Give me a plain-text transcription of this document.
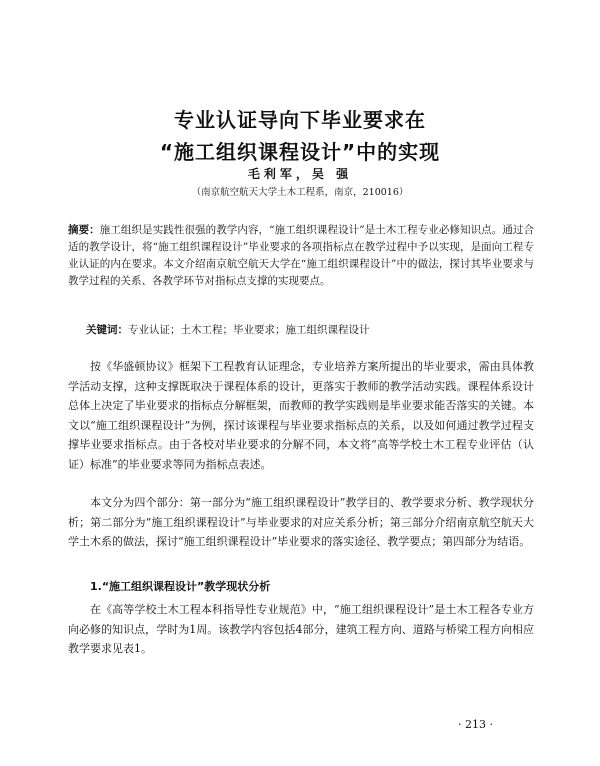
专业认证导向下毕业要求在
“施工组织课程设计”中的实现
毛利军，吴 强
（南京航空航天大学土木工程系，南京，210016）

摘要：施工组织是实践性很强的教学内容，“施工组织课程设计”是土木工程专业必修知识点。通过合适的教学设计，将“施工组织课程设计”毕业要求的各项指标点在教学过程中予以实现，是面向工程专业认证的内在要求。本文介绍南京航空航天大学在“施工组织课程设计”中的做法，探讨其毕业要求与教学过程的关系、各教学环节对指标点支撑的实现要点。

关键词：专业认证；土木工程；毕业要求；施工组织课程设计

按《华盛顿协议》框架下工程教育认证理念，专业培养方案所提出的毕业要求，需由具体教学活动支撑，这种支撑既取决于课程体系的设计，更落实于教师的教学活动实践。课程体系设计总体上决定了毕业要求的指标点分解框架，而教师的教学实践则是毕业要求能否落实的关键。本文以“施工组织课程设计”为例，探讨该课程与毕业要求指标点的关系，以及如何通过教学过程支撑毕业要求指标点。由于各校对毕业要求的分解不同，本文将“高等学校土木工程专业评估（认证）标准”的毕业要求等同为指标点表述。

本文分为四个部分：第一部分为“施工组织课程设计”教学目的、教学要求分析、教学现状分析；第二部分为“施工组织课程设计”与毕业要求的对应关系分析；第三部分介绍南京航空航天大学土木系的做法，探讨“施工组织课程设计”毕业要求的落实途径、教学要点；第四部分为结语。

1.“施工组织课程设计”教学现状分析

在《高等学校土木工程本科指导性专业规范》中，“施工组织课程设计”是土木工程各专业方向必修的知识点，学时为1周。该教学内容包括4部分，建筑工程方向、道路与桥梁工程方向相应教学要求见表1。

· 213 ·
